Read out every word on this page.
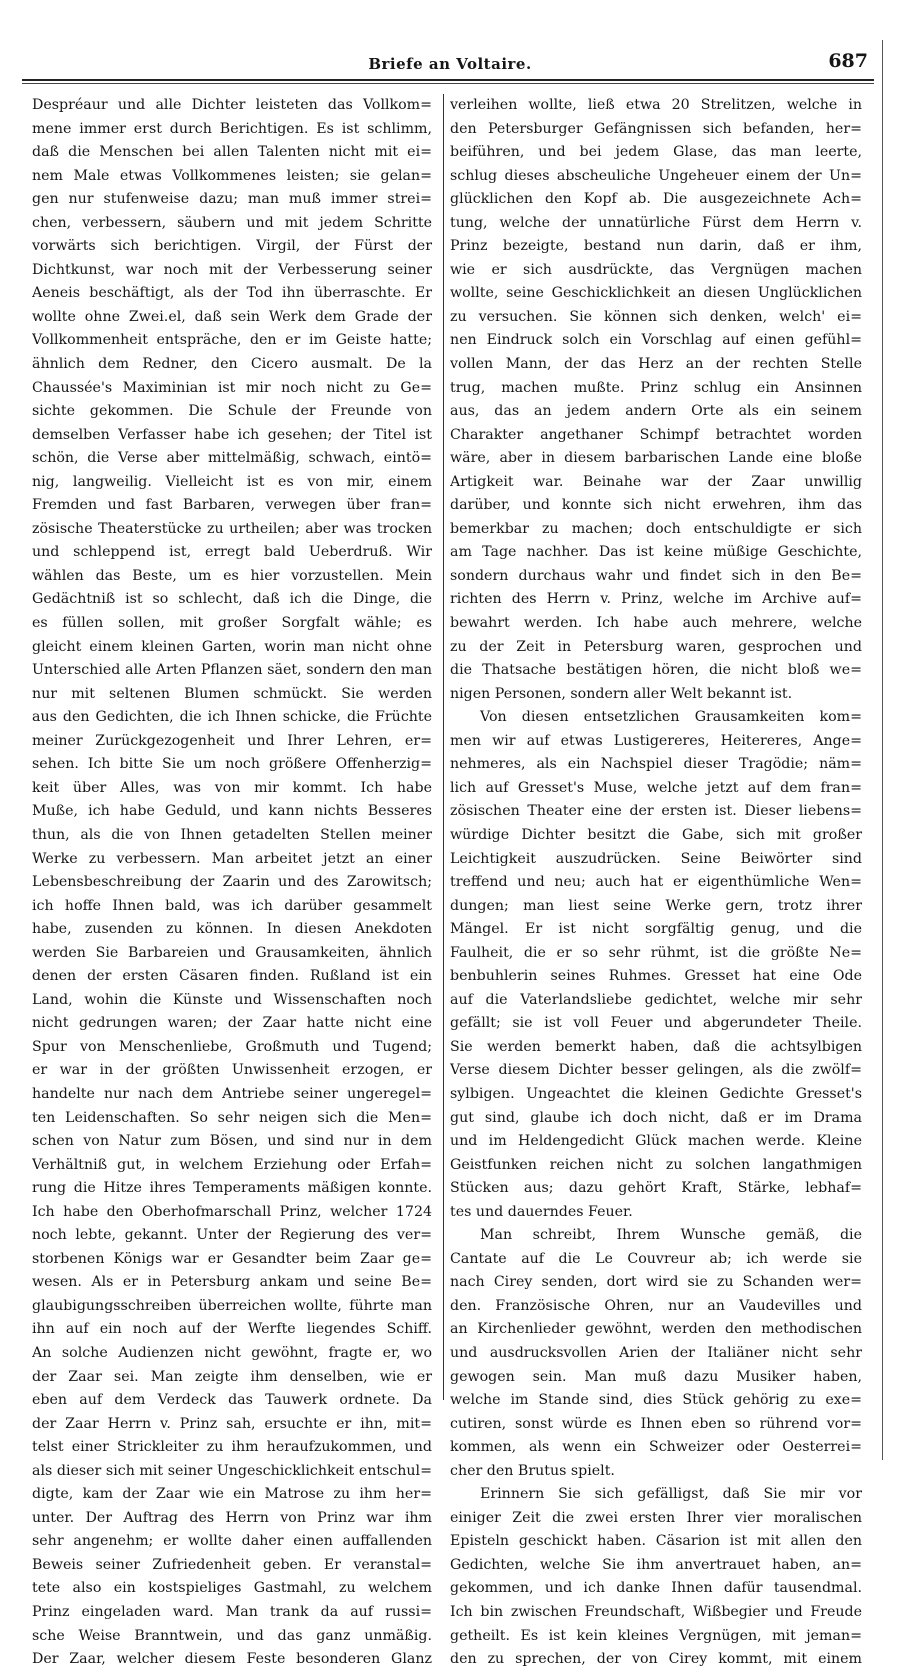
Briefe an Voltaire.	687
Despréaur und alle Dichter leisteten das Vollkom=
mene immer erst durch Berichtigen. Es ist schlimm,
daß die Menschen bei allen Talenten nicht mit ei=
nem Male etwas Vollkommenes leisten; sie gelan=
gen nur stufenweise dazu; man muß immer strei=
chen, verbessern, säubern und mit jedem Schritte
vorwärts sich berichtigen. Virgil, der Fürst der
Dichtkunst, war noch mit der Verbesserung seiner
Aeneis beschäftigt, als der Tod ihn überraschte. Er
wollte ohne Zwei.el, daß sein Werk dem Grade der
Vollkommenheit entspräche, den er im Geiste hatte;
ähnlich dem Redner, den Cicero ausmalt. De la
Chaussée's Maximinian ist mir noch nicht zu Ge=
sichte gekommen. Die Schule der Freunde von
demselben Verfasser habe ich gesehen; der Titel ist
schön, die Verse aber mittelmäßig, schwach, eintö=
nig, langweilig. Vielleicht ist es von mir, einem
Fremden und fast Barbaren, verwegen über fran=
zösische Theaterstücke zu urtheilen; aber was trocken
und schleppend ist, erregt bald Ueberdruß. Wir
wählen das Beste, um es hier vorzustellen. Mein
Gedächtniß ist so schlecht, daß ich die Dinge, die
es füllen sollen, mit großer Sorgfalt wähle; es
gleicht einem kleinen Garten, worin man nicht ohne
Unterschied alle Arten Pflanzen säet, sondern den man
nur mit seltenen Blumen schmückt. Sie werden
aus den Gedichten, die ich Ihnen schicke, die Früchte
meiner Zurückgezogenheit und Ihrer Lehren, er=
sehen. Ich bitte Sie um noch größere Offenherzig=
keit über Alles, was von mir kommt. Ich habe
Muße, ich habe Geduld, und kann nichts Besseres
thun, als die von Ihnen getadelten Stellen meiner
Werke zu verbessern. Man arbeitet jetzt an einer
Lebensbeschreibung der Zaarin und des Zarowitsch;
ich hoffe Ihnen bald, was ich darüber gesammelt
habe, zusenden zu können. In diesen Anekdoten
werden Sie Barbareien und Grausamkeiten, ähnlich
denen der ersten Cäsaren finden. Rußland ist ein
Land, wohin die Künste und Wissenschaften noch
nicht gedrungen waren; der Zaar hatte nicht eine
Spur von Menschenliebe, Großmuth und Tugend;
er war in der größten Unwissenheit erzogen, er
handelte nur nach dem Antriebe seiner ungeregel=
ten Leidenschaften. So sehr neigen sich die Men=
schen von Natur zum Bösen, und sind nur in dem
Verhältniß gut, in welchem Erziehung oder Erfah=
rung die Hitze ihres Temperaments mäßigen konnte.
Ich habe den Oberhofmarschall Prinz, welcher 1724
noch lebte, gekannt. Unter der Regierung des ver=
storbenen Königs war er Gesandter beim Zaar ge=
wesen. Als er in Petersburg ankam und seine Be=
glaubigungsschreiben überreichen wollte, führte man
ihn auf ein noch auf der Werfte liegendes Schiff.
An solche Audienzen nicht gewöhnt, fragte er, wo
der Zaar sei. Man zeigte ihm denselben, wie er
eben auf dem Verdeck das Tauwerk ordnete. Da
der Zaar Herrn v. Prinz sah, ersuchte er ihn, mit=
telst einer Strickleiter zu ihm heraufzukommen, und
als dieser sich mit seiner Ungeschicklichkeit entschul=
digte, kam der Zaar wie ein Matrose zu ihm her=
unter. Der Auftrag des Herrn von Prinz war ihm
sehr angenehm; er wollte daher einen auffallenden
Beweis seiner Zufriedenheit geben. Er veranstal=
tete also ein kostspieliges Gastmahl, zu welchem
Prinz eingeladen ward. Man trank da auf russi=
sche Weise Branntwein, und das ganz unmäßig.
Der Zaar, welcher diesem Feste besonderen Glanz
verleihen wollte, ließ etwa 20 Strelitzen, welche in
den Petersburger Gefängnissen sich befanden, her=
beiführen, und bei jedem Glase, das man leerte,
schlug dieses abscheuliche Ungeheuer einem der Un=
glücklichen den Kopf ab. Die ausgezeichnete Ach=
tung, welche der unnatürliche Fürst dem Herrn v.
Prinz bezeigte, bestand nun darin, daß er ihm,
wie er sich ausdrückte, das Vergnügen machen
wollte, seine Geschicklichkeit an diesen Unglücklichen
zu versuchen. Sie können sich denken, welch' ei=
nen Eindruck solch ein Vorschlag auf einen gefühl=
vollen Mann, der das Herz an der rechten Stelle
trug, machen mußte. Prinz schlug ein Ansinnen
aus, das an jedem andern Orte als ein seinem
Charakter angethaner Schimpf betrachtet worden
wäre, aber in diesem barbarischen Lande eine bloße
Artigkeit war. Beinahe war der Zaar unwillig
darüber, und konnte sich nicht erwehren, ihm das
bemerkbar zu machen; doch entschuldigte er sich
am Tage nachher. Das ist keine müßige Geschichte,
sondern durchaus wahr und findet sich in den Be=
richten des Herrn v. Prinz, welche im Archive auf=
bewahrt werden. Ich habe auch mehrere, welche
zu der Zeit in Petersburg waren, gesprochen und
die Thatsache bestätigen hören, die nicht bloß we=
nigen Personen, sondern aller Welt bekannt ist.
Von diesen entsetzlichen Grausamkeiten kom=
men wir auf etwas Lustigereres, Heitereres, Ange=
nehmeres, als ein Nachspiel dieser Tragödie; näm=
lich auf Gresset's Muse, welche jetzt auf dem fran=
zösischen Theater eine der ersten ist. Dieser liebens=
würdige Dichter besitzt die Gabe, sich mit großer
Leichtigkeit auszudrücken. Seine Beiwörter sind
treffend und neu; auch hat er eigenthümliche Wen=
dungen; man liest seine Werke gern, trotz ihrer
Mängel. Er ist nicht sorgfältig genug, und die
Faulheit, die er so sehr rühmt, ist die größte Ne=
benbuhlerin seines Ruhmes. Gresset hat eine Ode
auf die Vaterlandsliebe gedichtet, welche mir sehr
gefällt; sie ist voll Feuer und abgerundeter Theile.
Sie werden bemerkt haben, daß die achtsylbigen
Verse diesem Dichter besser gelingen, als die zwölf=
sylbigen. Ungeachtet die kleinen Gedichte Gresset's
gut sind, glaube ich doch nicht, daß er im Drama
und im Heldengedicht Glück machen werde. Kleine
Geistfunken reichen nicht zu solchen langathmigen
Stücken aus; dazu gehört Kraft, Stärke, lebhaf=
tes und dauerndes Feuer.
Man schreibt, Ihrem Wunsche gemäß, die
Cantate auf die Le Couvreur ab; ich werde sie
nach Cirey senden, dort wird sie zu Schanden wer=
den. Französische Ohren, nur an Vaudevilles und
an Kirchenlieder gewöhnt, werden den methodischen
und ausdrucksvollen Arien der Italiäner nicht sehr
gewogen sein. Man muß dazu Musiker haben,
welche im Stande sind, dies Stück gehörig zu exe=
cutiren, sonst würde es Ihnen eben so rührend vor=
kommen, als wenn ein Schweizer oder Oesterrei=
cher den Brutus spielt.
Erinnern Sie sich gefälligst, daß Sie mir vor
einiger Zeit die zwei ersten Ihrer vier moralischen
Episteln geschickt haben. Cäsarion ist mit allen den
Gedichten, welche Sie ihm anvertrauet haben, an=
gekommen, und ich danke Ihnen dafür tausendmal.
Ich bin zwischen Freundschaft, Wißbegier und Freude
getheilt. Es ist kein kleines Vergnügen, mit jeman=
den zu sprechen, der von Cirey kommt, mit einem
